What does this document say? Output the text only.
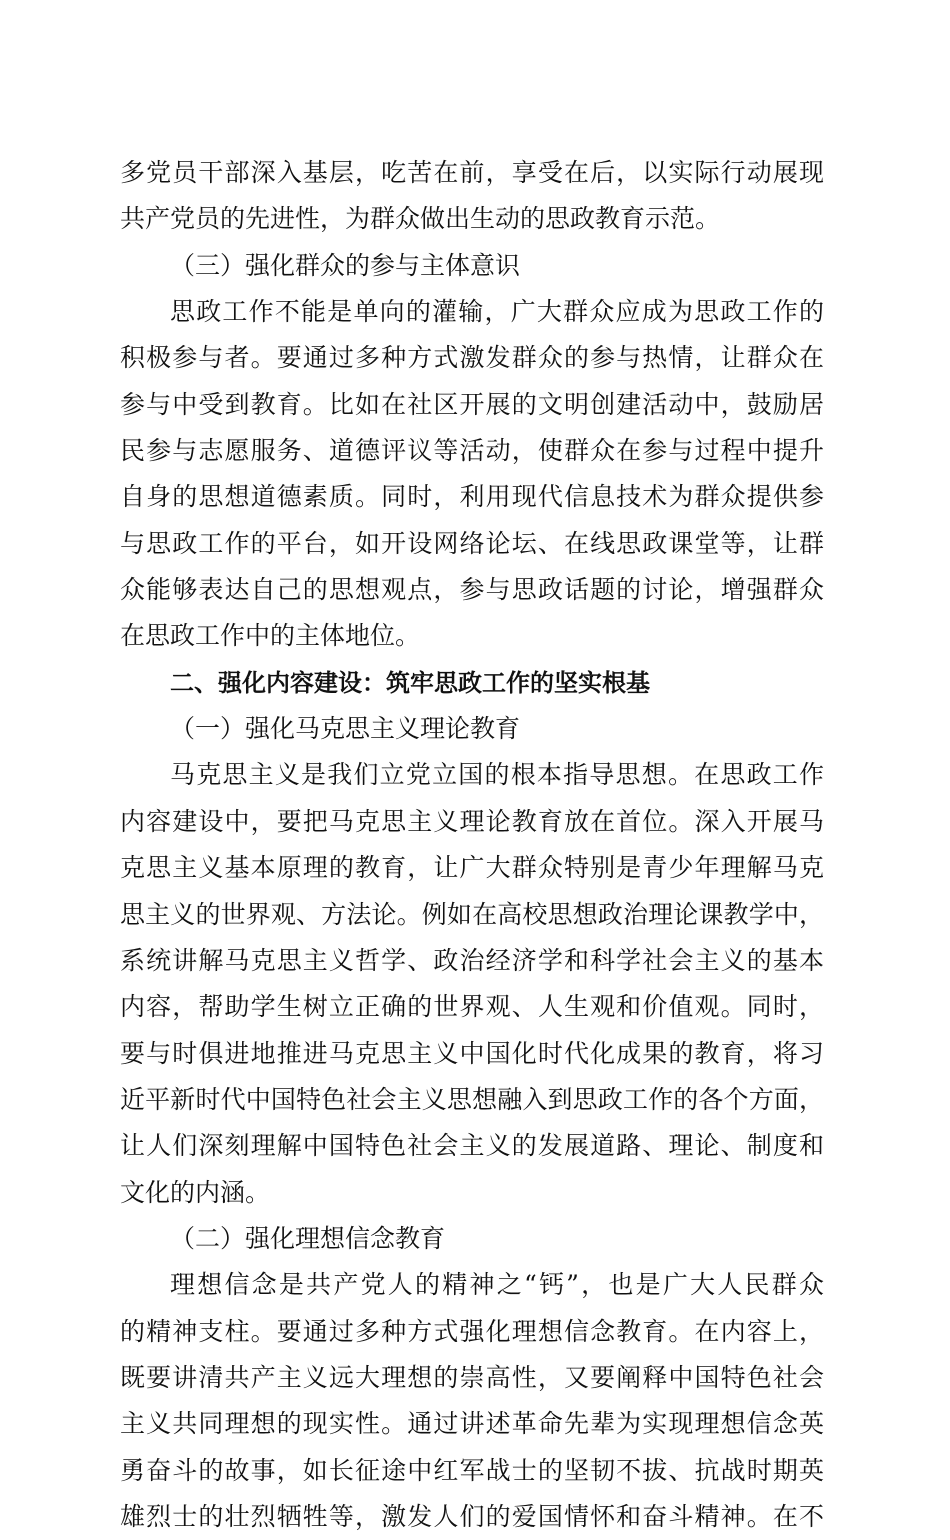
多党员干部深入基层，吃苦在前，享受在后，以实际行动展现
共产党员的先进性，为群众做出生动的思政教育示范。
（三）强化群众的参与主体意识
思政工作不能是单向的灌输，广大群众应成为思政工作的
积极参与者。要通过多种方式激发群众的参与热情，让群众在
参与中受到教育。比如在社区开展的文明创建活动中，鼓励居
民参与志愿服务、道德评议等活动，使群众在参与过程中提升
自身的思想道德素质。同时，利用现代信息技术为群众提供参
与思政工作的平台，如开设网络论坛、在线思政课堂等，让群
众能够表达自己的思想观点，参与思政话题的讨论，增强群众
在思政工作中的主体地位。
二、强化内容建设：筑牢思政工作的坚实根基
（一）强化马克思主义理论教育
马克思主义是我们立党立国的根本指导思想。在思政工作
内容建设中，要把马克思主义理论教育放在首位。深入开展马
克思主义基本原理的教育，让广大群众特别是青少年理解马克
思主义的世界观、方法论。例如在高校思想政治理论课教学中，
系统讲解马克思主义哲学、政治经济学和科学社会主义的基本
内容，帮助学生树立正确的世界观、人生观和价值观。同时，
要与时俱进地推进马克思主义中国化时代化成果的教育，将习
近平新时代中国特色社会主义思想融入到思政工作的各个方面，
让人们深刻理解中国特色社会主义的发展道路、理论、制度和
文化的内涵。
（二）强化理想信念教育
理想信念是共产党人的精神之“钙”，也是广大人民群众
的精神支柱。要通过多种方式强化理想信念教育。在内容上，
既要讲清共产主义远大理想的崇高性，又要阐释中国特色社会
主义共同理想的现实性。通过讲述革命先辈为实现理想信念英
勇奋斗的故事，如长征途中红军战士的坚韧不拔、抗战时期英
雄烈士的壮烈牺牲等，激发人们的爱国情怀和奋斗精神。在不
